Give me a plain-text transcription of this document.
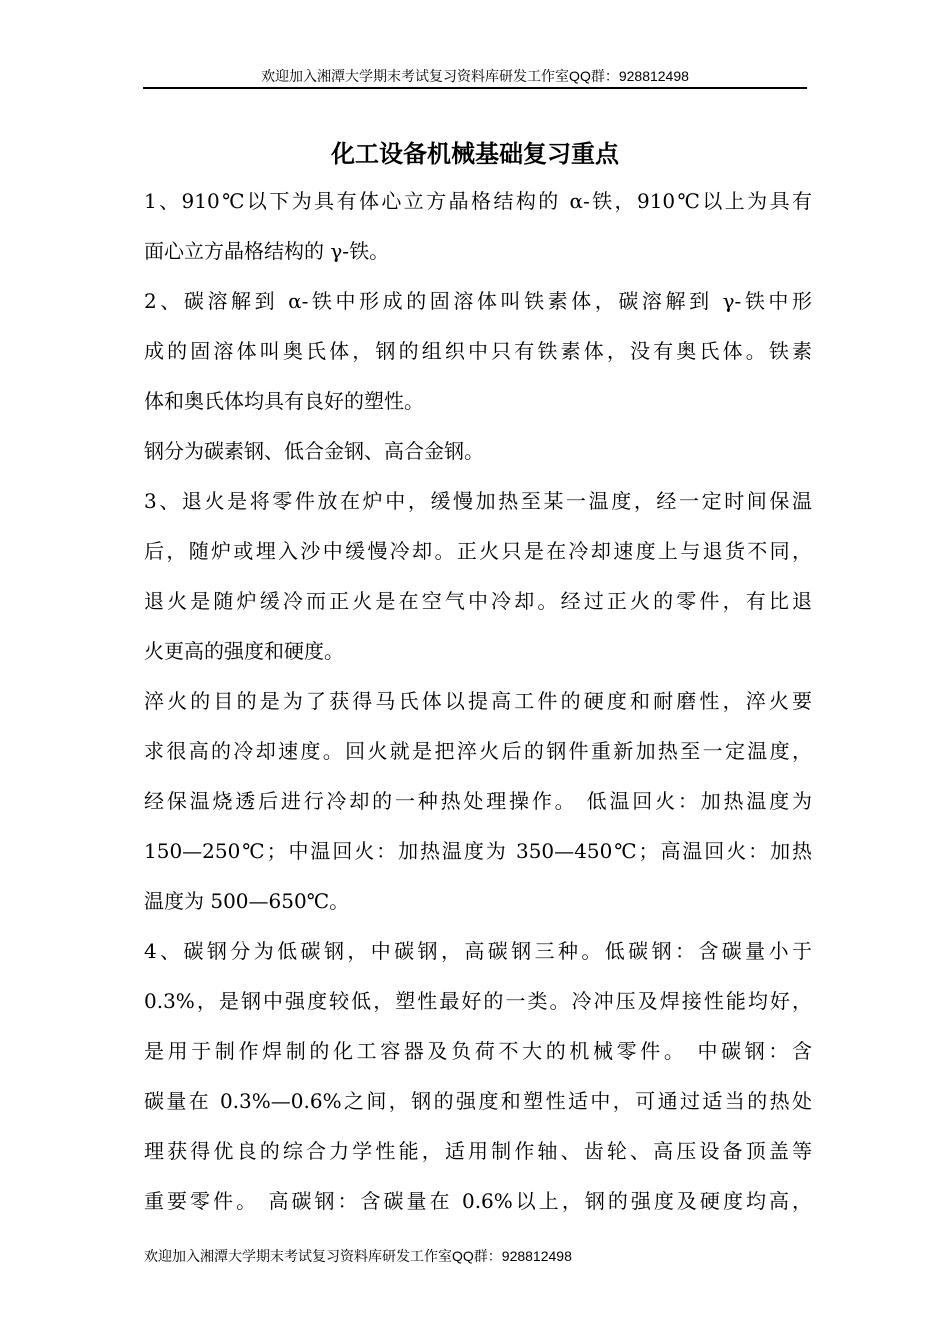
欢迎加入湘潭大学期末考试复习资料库研发工作室QQ群：928812498
化工设备机械基础复习重点
1、910℃以下为具有体心立方晶格结构的 α-铁，910℃以上为具有
面心立方晶格结构的 γ-铁。
2、碳溶解到 α-铁中形成的固溶体叫铁素体，碳溶解到 γ-铁中形
成的固溶体叫奥氏体，钢的组织中只有铁素体，没有奥氏体。铁素
体和奥氏体均具有良好的塑性。
钢分为碳素钢、低合金钢、高合金钢。
3、退火是将零件放在炉中，缓慢加热至某一温度，经一定时间保温
后，随炉或埋入沙中缓慢冷却。正火只是在冷却速度上与退货不同，
退火是随炉缓冷而正火是在空气中冷却。经过正火的零件，有比退
火更高的强度和硬度。
淬火的目的是为了获得马氏体以提高工件的硬度和耐磨性，淬火要
求很高的冷却速度。回火就是把淬火后的钢件重新加热至一定温度，
经保温烧透后进行冷却的一种热处理操作。 低温回火：加热温度为
150—250℃；中温回火：加热温度为 350—450℃；高温回火：加热
温度为 500—650℃。
4、碳钢分为低碳钢，中碳钢，高碳钢三种。低碳钢：含碳量小于
0.3%，是钢中强度较低，塑性最好的一类。冷冲压及焊接性能均好，
是用于制作焊制的化工容器及负荷不大的机械零件。 中碳钢：含
碳量在 0.3%—0.6%之间，钢的强度和塑性适中，可通过适当的热处
理获得优良的综合力学性能，适用制作轴、齿轮、高压设备顶盖等
重要零件。 高碳钢：含碳量在 0.6%以上，钢的强度及硬度均高，
欢迎加入湘潭大学期末考试复习资料库研发工作室QQ群：928812498
